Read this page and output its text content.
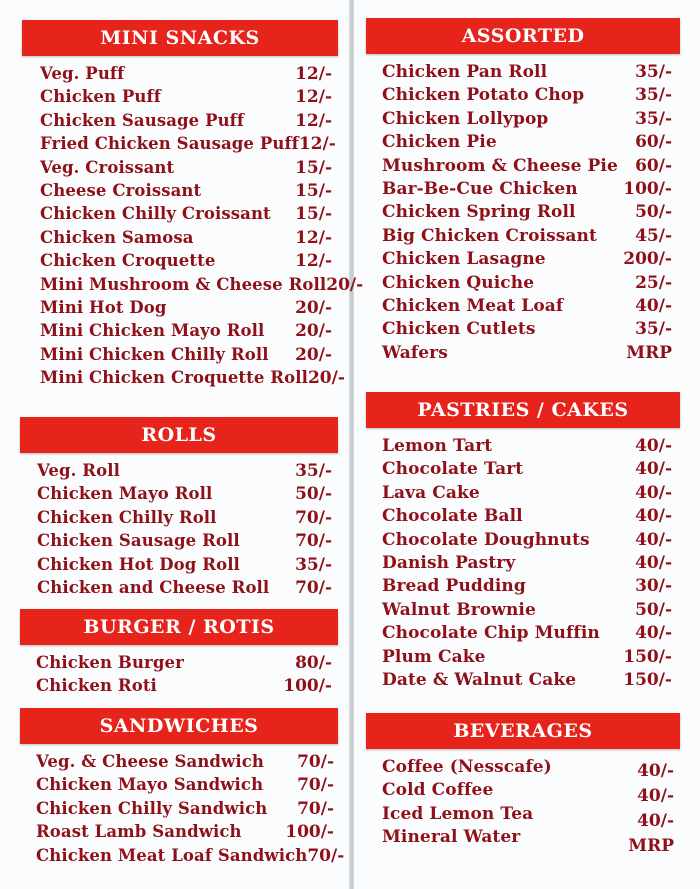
MINI SNACKS
Veg. Puff	12/-
Chicken Puff	12/-
Chicken Sausage Puff	12/-
Fried Chicken Sausage Puff 12/-
Veg. Croissant	15/-
Cheese Croissant	15/-
Chicken Chilly Croissant 15/-
Chicken Samosa	12/-
Chicken Croquette	12/-
Mini Mushroom & Cheese Roll 20/-
Mini Hot Dog	20/-
Mini Chicken Mayo Roll 20/-
Mini Chicken Chilly Roll 20/-
Mini Chicken Croquette Roll 20/-
ROLLS
Veg. Roll	35/-
Chicken Mayo Roll	50/-
Chicken Chilly Roll	70/-
Chicken Sausage Roll	70/-
Chicken Hot Dog Roll	35/-
Chicken and Cheese Roll 70/-
BURGER / ROTIS
Chicken Burger	80/-
Chicken Roti	100/-
SANDWICHES
Veg. & Cheese Sandwich 70/-
Chicken Mayo Sandwich 70/-
Chicken Chilly Sandwich 70/-
Roast Lamb Sandwich	100/-
Chicken Meat Loaf Sandwich 70/-
ASSORTED
Chicken Pan Roll	35/-
Chicken Potato Chop	35/-
Chicken Lollypop	35/-
Chicken Pie	60/-
Mushroom & Cheese Pie 60/-
Bar-Be-Cue Chicken	100/-
Chicken Spring Roll	50/-
Big Chicken Croissant 45/-
Chicken Lasagne	200/-
Chicken Quiche	25/-
Chicken Meat Loaf	40/-
Chicken Cutlets	35/-
Wafers	MRP
PASTRIES / CAKES
Lemon Tart	40/-
Chocolate Tart	40/-
Lava Cake	40/-
Chocolate Ball	40/-
Chocolate Doughnuts	40/-
Danish Pastry	40/-
Bread Pudding	30/-
Walnut Brownie	50/-
Chocolate Chip Muffin 40/-
Plum Cake	150/-
Date & Walnut Cake	150/-
BEVERAGES
Coffee (Nesscafe)	40/-
Cold Coffee	40/-
Iced Lemon Tea	40/-
Mineral Water	MRP
